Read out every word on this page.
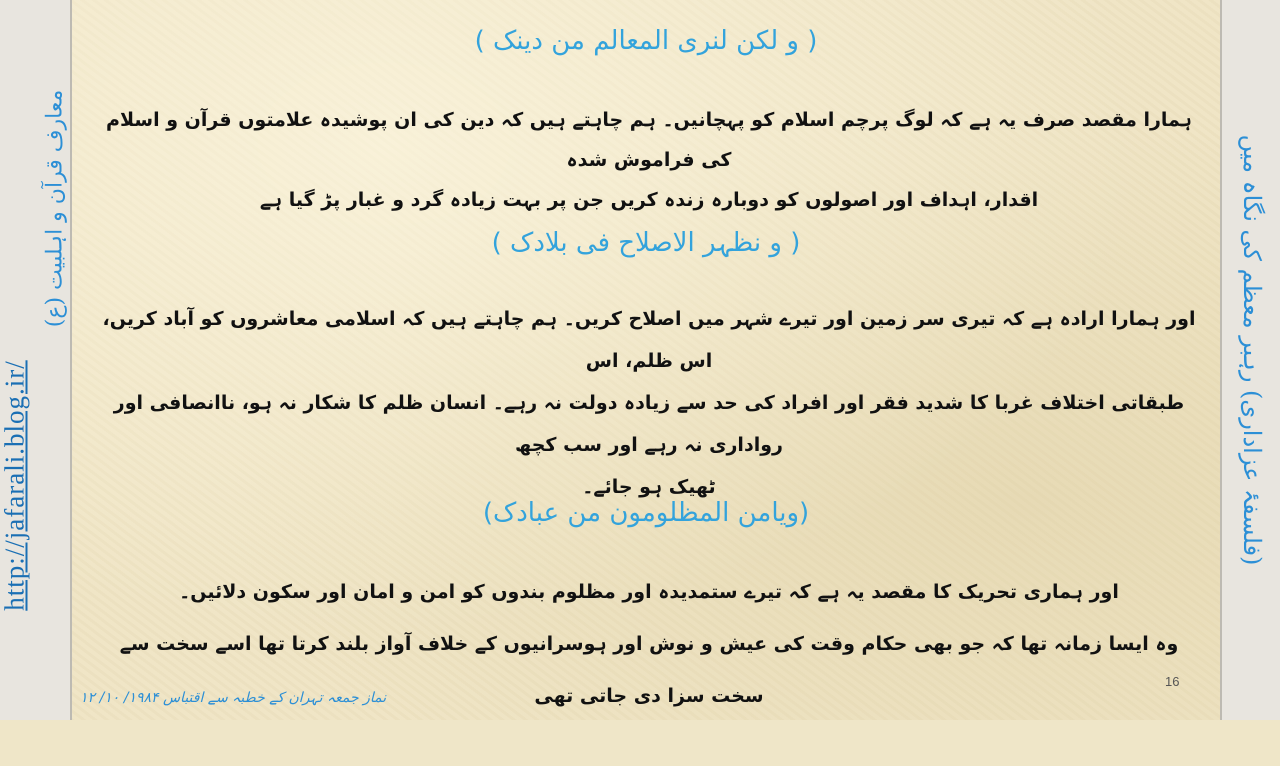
معارف قرآن و اہلبیت (ع)
http://jafarali.blog.ir/	(فلسفۂ عزاداری) رہبر معظم کی نگاہ میں
( و لکن لنری المعالم من دینک )
ہمارا مقصد صرف یہ ہے کہ لوگ پرچم اسلام کو پہچانیں۔ ہم چاہتے ہیں کہ دین کی ان پوشیدہ علامتوں قرآن و اسلام کی فراموش شدہ
اقدار، اہداف اور اصولوں کو دوبارہ زندہ کریں جن پر بہت زیادہ گرد و غبار پڑ گیا ہے
( و نظہر الاصلاح فی بلادک )
اور ہمارا ارادہ ہے کہ تیری سر زمین اور تیرے شہر میں اصلاح کریں۔ ہم چاہتے ہیں کہ اسلامی معاشروں کو آباد کریں، اس ظلم، اس
طبقاتی اختلاف غربا کا شدید فقر اور افراد کی حد سے زیادہ دولت نہ رہے۔ انسان ظلم کا شکار نہ ہو، ناانصافی اور رواداری نہ رہے اور سب کچھ
ٹھیک ہو جائے۔
(ویامن المظلومون من عبادک)
اور ہماری تحریک کا مقصد یہ ہے کہ تیرے ستمدیدہ اور مظلوم بندوں کو امن و امان اور سکون دلائیں۔
وہ ایسا زمانہ تھا کہ جو بھی حکام وقت کی عیش و نوش اور ہوسرانیوں کے خلاف آواز بلند کرتا تھا اسے سخت سے سخت سزا دی جاتی تھی
16
نماز جمعہ تہران کے خطبہ سے اقتباس ۱۹۸۴/ ۱۰/ ۱۲
